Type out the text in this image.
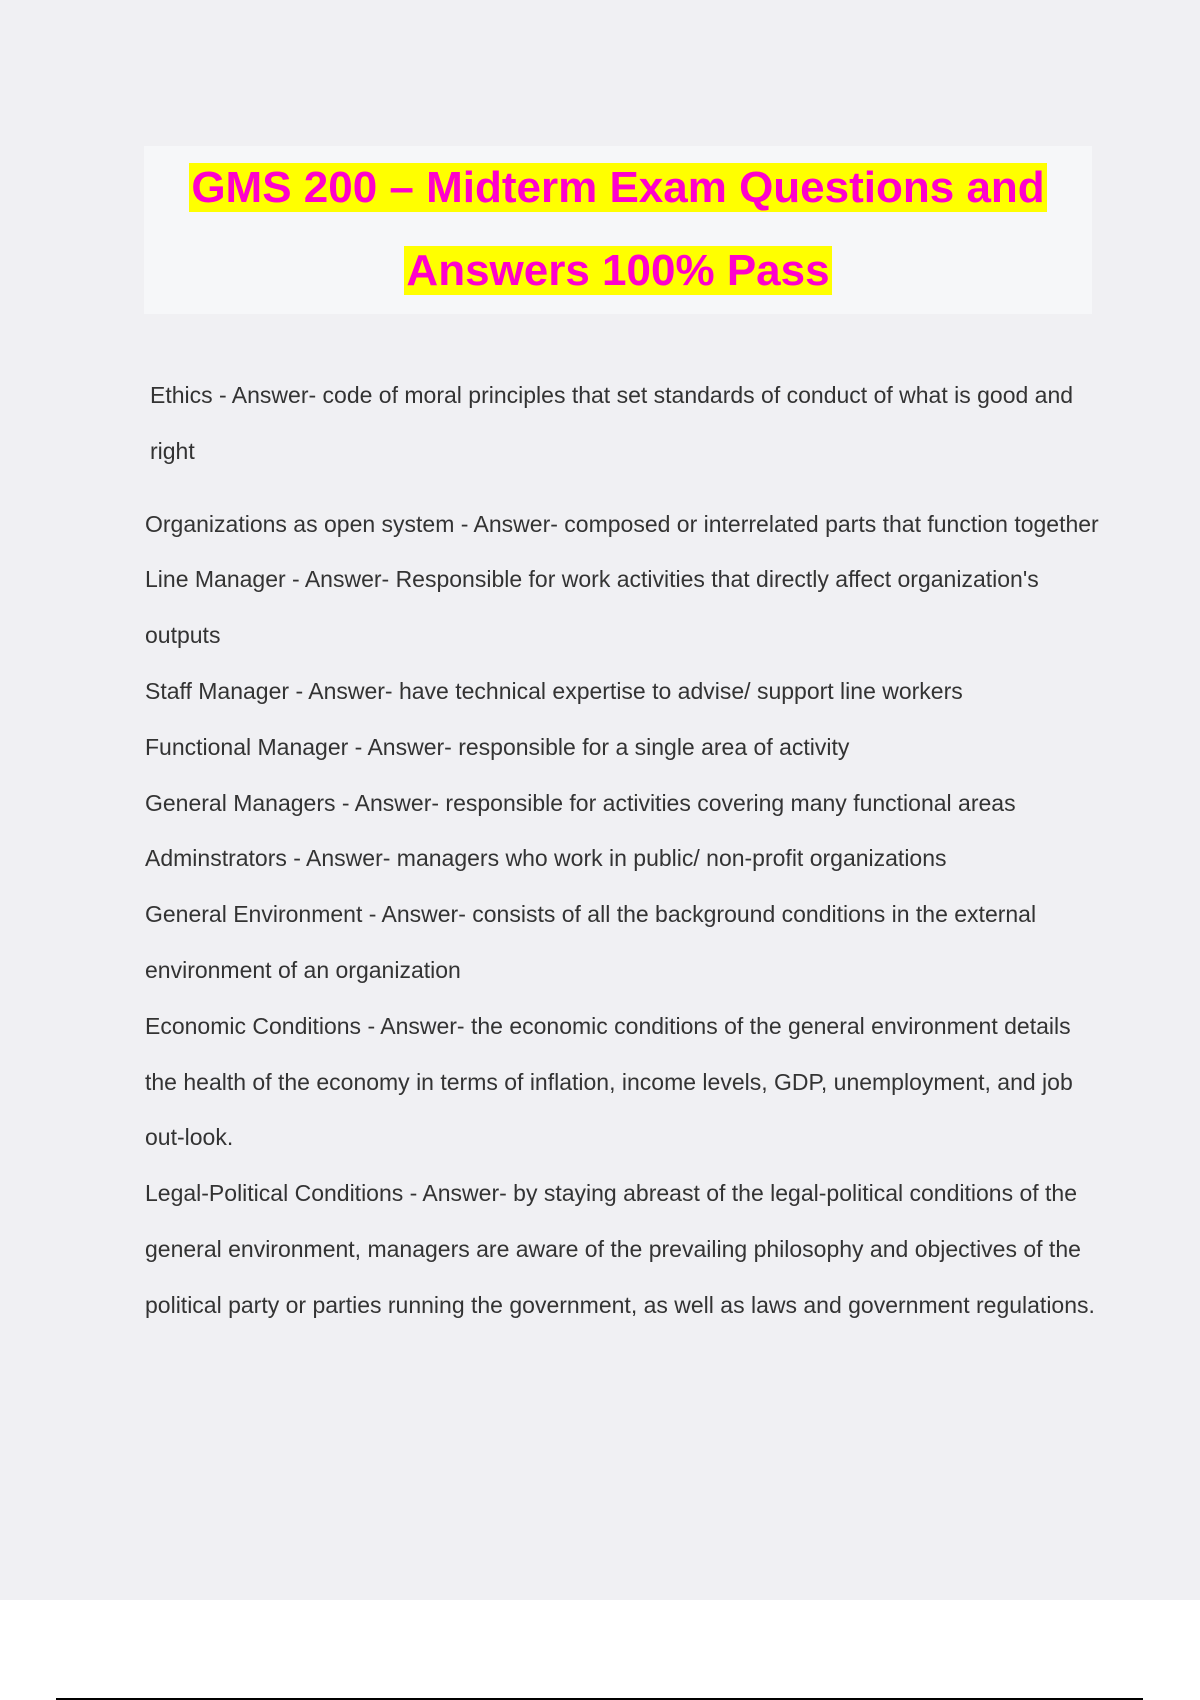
GMS 200 – Midterm Exam Questions and
Answers 100% Pass

Ethics - Answer- code of moral principles that set standards of conduct of what is good and right

Organizations as open system - Answer- composed or interrelated parts that function together

Line Manager - Answer- Responsible for work activities that directly affect organization's outputs

Staff Manager - Answer- have technical expertise to advise/ support line workers

Functional Manager - Answer- responsible for a single area of activity

General Managers - Answer- responsible for activities covering many functional areas

Adminstrators - Answer- managers who work in public/ non-profit organizations

General Environment - Answer- consists of all the background conditions in the external environment of an organization

Economic Conditions - Answer- the economic conditions of the general environment details the health of the economy in terms of inflation, income levels, GDP, unemployment, and job out-look.

Legal-Political Conditions - Answer- by staying abreast of the legal-political conditions of the general environment, managers are aware of the prevailing philosophy and objectives of the political party or parties running the government, as well as laws and government regulations.
